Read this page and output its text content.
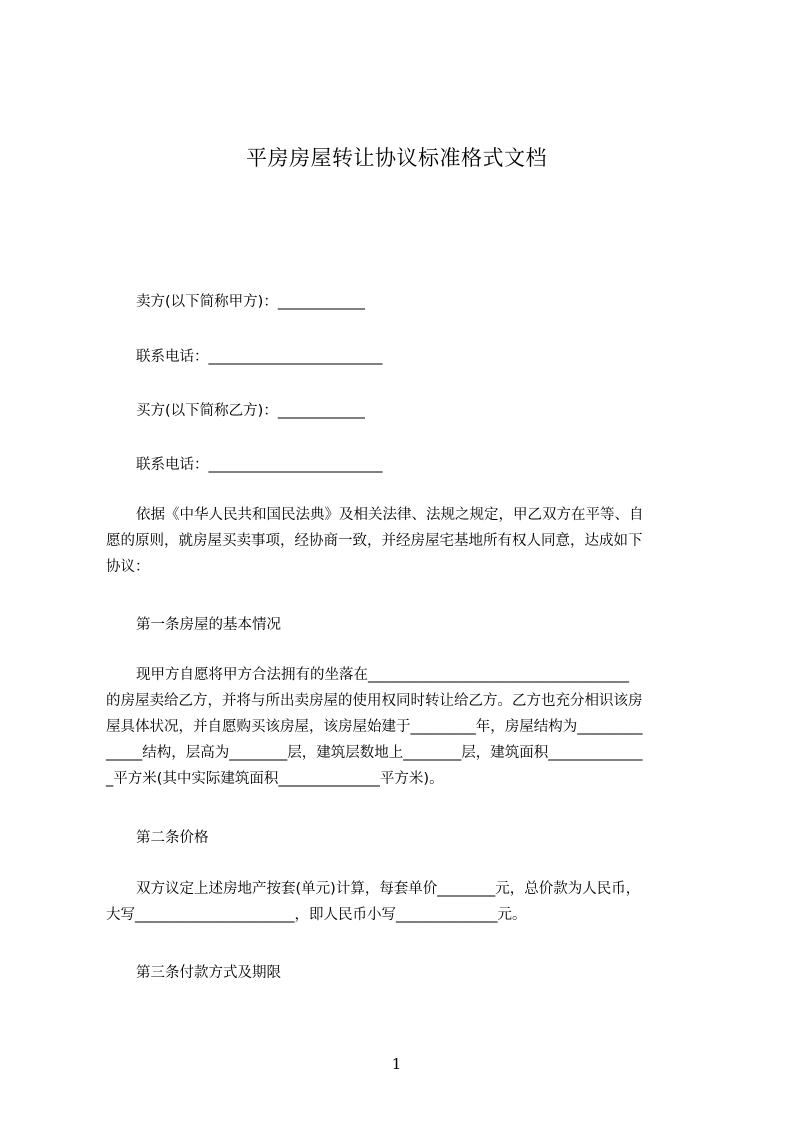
平房房屋转让协议标准格式文档
卖方(以下简称甲方)：____________
联系电话：________________________
买方(以下简称乙方)：____________
联系电话：________________________

依据《中华人民共和国民法典》及相关法律、法规之规定，甲乙双方在平等、自

愿的原则，就房屋买卖事项，经协商一致，并经房屋宅基地所有权人同意，达成如下

协议：

第一条房屋的基本情况

现甲方自愿将甲方合法拥有的坐落在____________________________________

的房屋卖给乙方，并将与所出卖房屋的使用权同时转让给乙方。乙方也充分相识该房

屋具体状况，并自愿购买该房屋，该房屋始建于_________年，房屋结构为_________

_____结构，层高为________层，建筑层数地上________层，建筑面积_____________

_平方米(其中实际建筑面积______________平方米)。

第二条价格

双方议定上述房地产按套(单元)计算，每套单价________元，总价款为人民币，

大写______________________，即人民币小写______________元。

第三条付款方式及期限
1
